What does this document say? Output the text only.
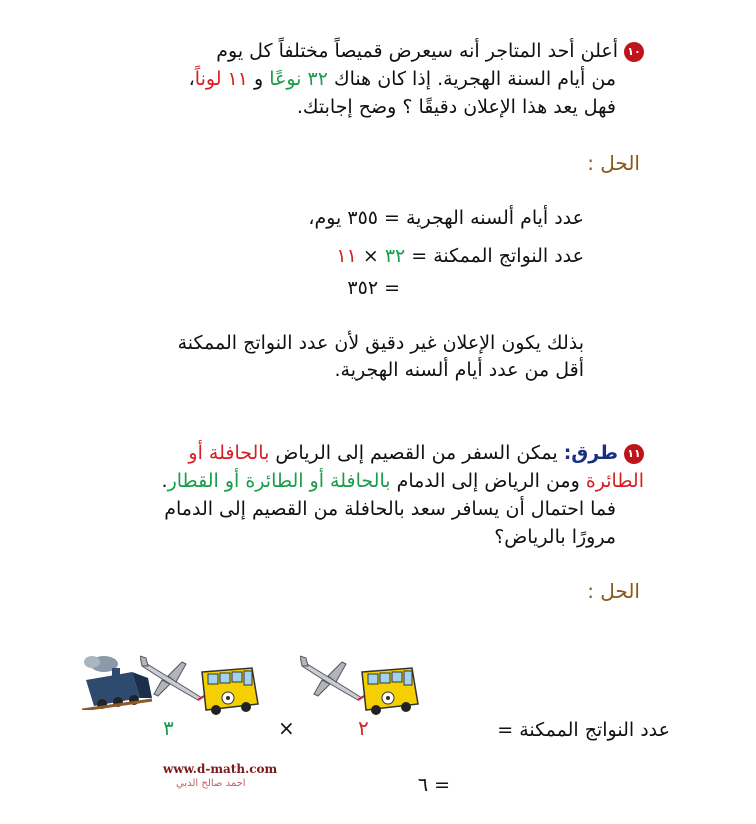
١٠أعلن أحد المتاجر أنه سيعرض قميصاً مختلفاً كل يوم
من أيام السنة الهجرية. إذا كان هناك ٣٢ نوعًا و ١١ لوناً،
فهل يعد هذا الإعلان دقيقًا ؟ وضح إجابتك.
الحل :
عدد أيام ألسنه الهجرية = ٣٥٥ يوم،
عدد النواتج الممكنة = ٣٢ × ١١
= ٣٥٢
بذلك يكون الإعلان غير دقيق لأن عدد النواتج الممكنة
أقل من عدد أيام ألسنه الهجرية.
١١طرق: يمكن السفر من القصيم إلى الرياض بالحافلة أو
الطائرة ومن الرياض إلى الدمام بالحافلة أو الطائرة أو القطار.
فما احتمال أن يسافر سعد بالحافلة من القصيم إلى الدمام
مرورًا بالرياض؟
الحل :
٣	×	٢	عدد النواتج الممكنة =
www.d-math.com
احمد صالح الدبي	= ٦
